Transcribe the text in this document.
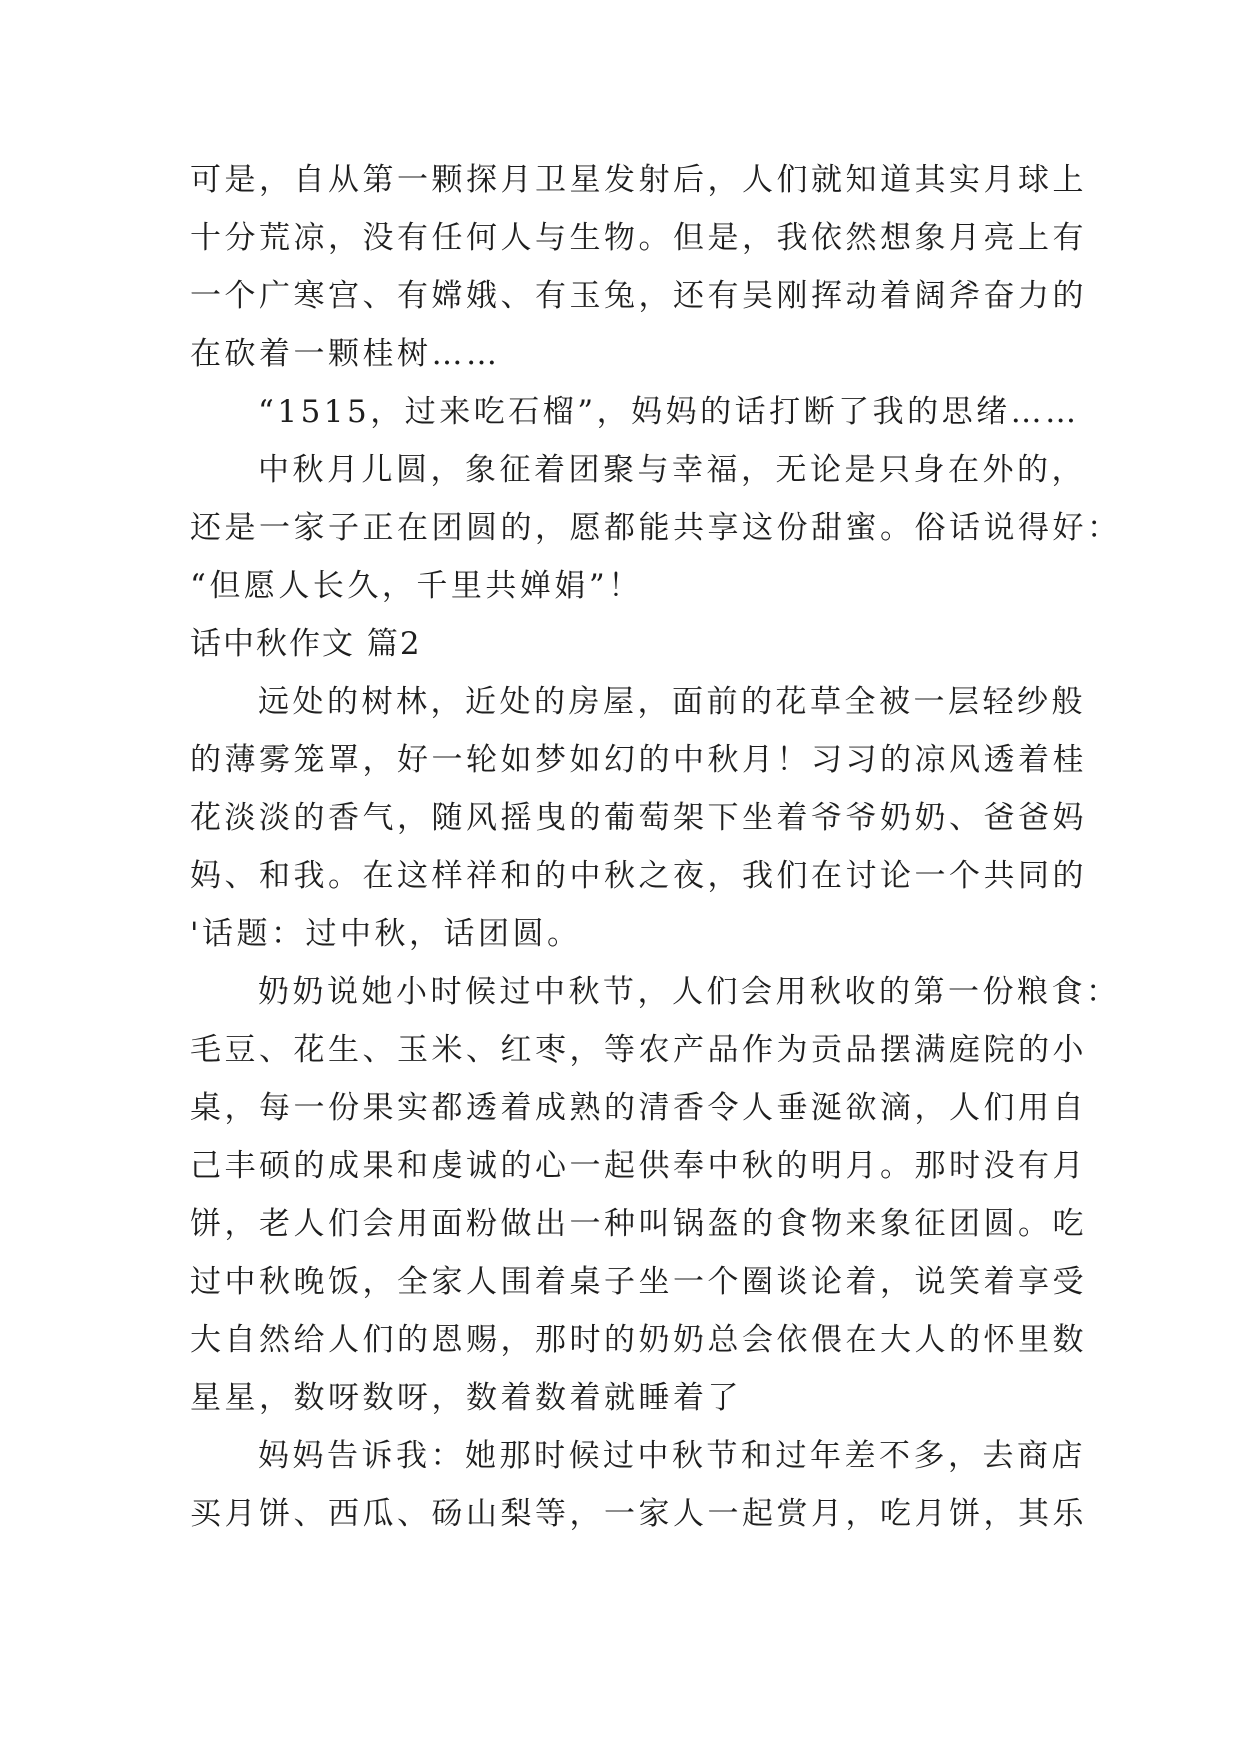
可是，自从第一颗探月卫星发射后，人们就知道其实月球上
十分荒凉，没有任何人与生物。但是，我依然想象月亮上有
一个广寒宫、有嫦娥、有玉兔，还有吴刚挥动着阔斧奋力的
在砍着一颗桂树……
“1515，过来吃石榴”，妈妈的话打断了我的思绪……
中秋月儿圆，象征着团聚与幸福，无论是只身在外的，
还是一家子正在团圆的，愿都能共享这份甜蜜。俗话说得好：
“但愿人长久，千里共婵娟”！
话中秋作文 篇2
远处的树林，近处的房屋，面前的花草全被一层轻纱般
的薄雾笼罩，好一轮如梦如幻的中秋月！习习的凉风透着桂
花淡淡的香气，随风摇曳的葡萄架下坐着爷爷奶奶、爸爸妈
妈、和我。在这样祥和的中秋之夜，我们在讨论一个共同的
'话题：过中秋，话团圆。
奶奶说她小时候过中秋节，人们会用秋收的第一份粮食：
毛豆、花生、玉米、红枣，等农产品作为贡品摆满庭院的小
桌，每一份果实都透着成熟的清香令人垂涎欲滴，人们用自
己丰硕的成果和虔诚的心一起供奉中秋的明月。那时没有月
饼，老人们会用面粉做出一种叫锅盔的食物来象征团圆。吃
过中秋晚饭，全家人围着桌子坐一个圈谈论着，说笑着享受
大自然给人们的恩赐，那时的奶奶总会依偎在大人的怀里数
星星，数呀数呀，数着数着就睡着了
妈妈告诉我：她那时候过中秋节和过年差不多，去商店
买月饼、西瓜、砀山梨等，一家人一起赏月，吃月饼，其乐
